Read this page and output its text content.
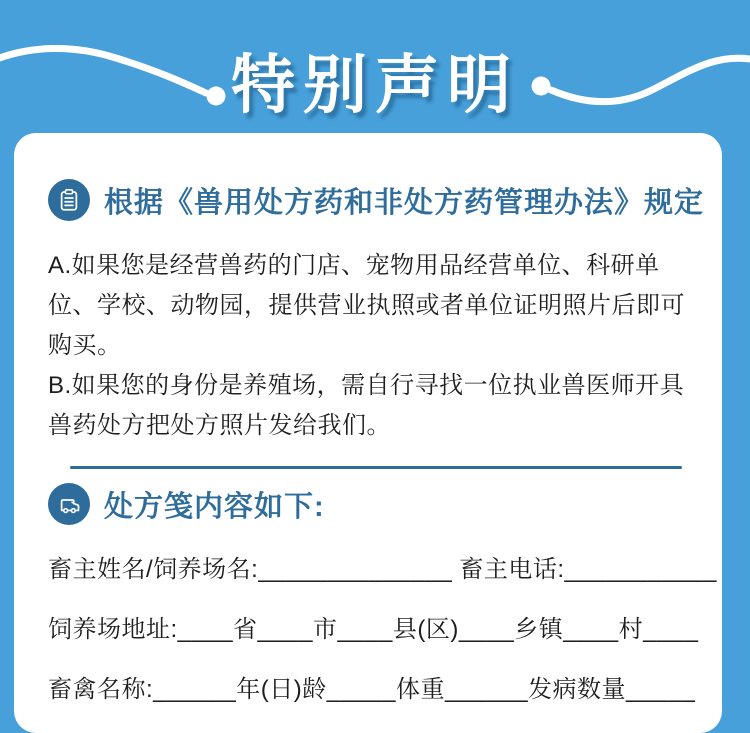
特别声明
根据《兽用处方药和非处方药管理办法》规定

A.如果您是经营兽药的门店、宠物用品经营单位、科研单位、学校、动物园，提供营业执照或者单位证明照片后即可购买。

B.如果您的身份是养殖场，需自行寻找一位执业兽医师开具兽药处方把处方照片发给我们。

处方笺内容如下:
畜主姓名/饲养场名:______________ 畜主电话:___________
饲养场地址:____省____市____县(区)____乡镇____村____
畜禽名称:______年(日)龄_____体重______发病数量_____
